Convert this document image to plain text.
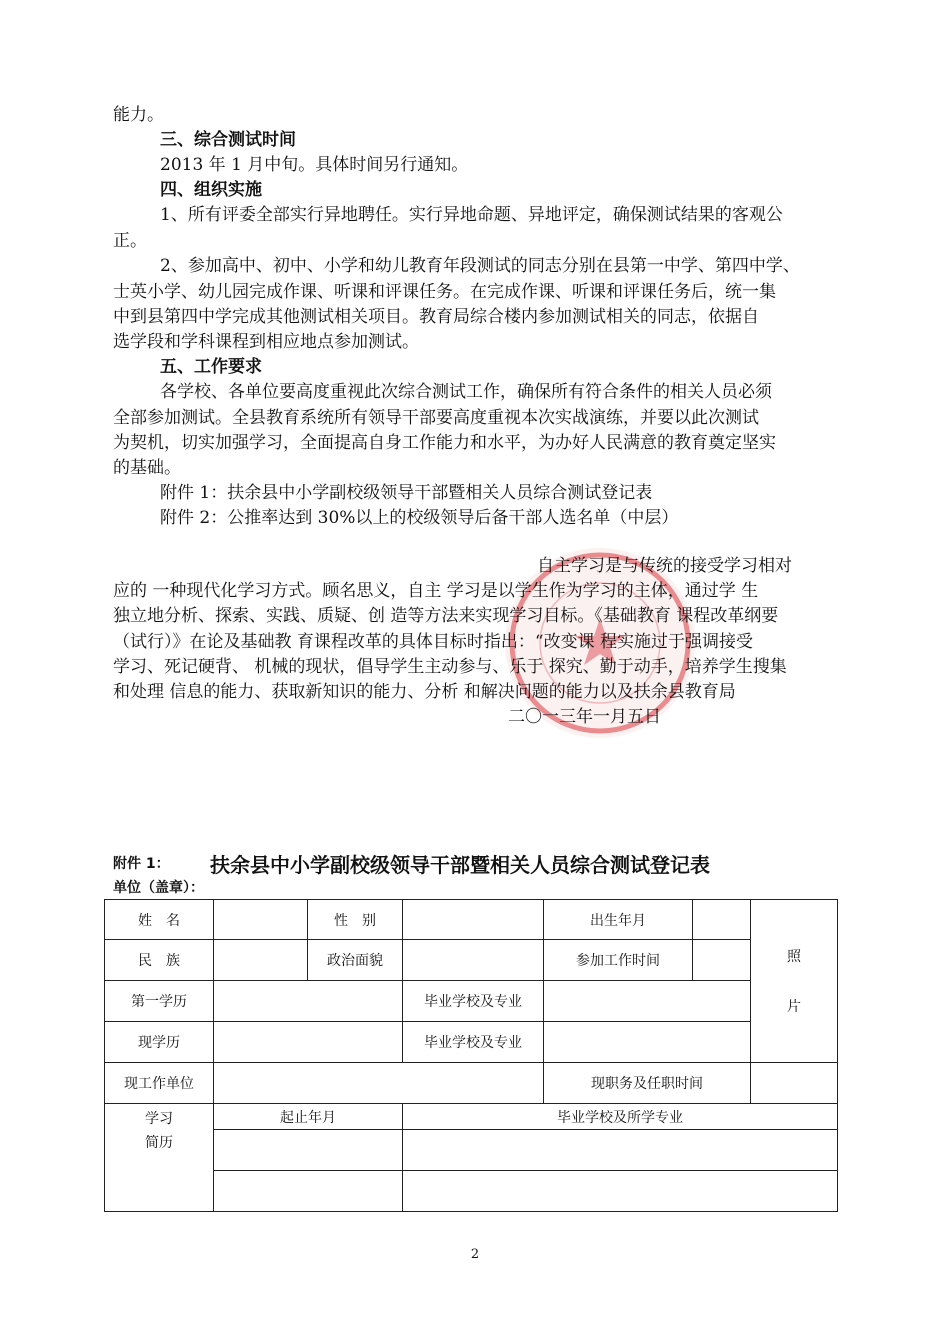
能力。
三、综合测试时间
2013 年 1 月中旬。具体时间另行通知。
四、组织实施
1、所有评委全部实行异地聘任。实行异地命题、异地评定，确保测试结果的客观公
正。
2、参加高中、初中、小学和幼儿教育年段测试的同志分别在县第一中学、第四中学、
士英小学、幼儿园完成作课、听课和评课任务。在完成作课、听课和评课任务后，统一集
中到县第四中学完成其他测试相关项目。教育局综合楼内参加测试相关的同志，依据自
选学段和学科课程到相应地点参加测试。
五、工作要求
各学校、各单位要高度重视此次综合测试工作，确保所有符合条件的相关人员必须
全部参加测试。全县教育系统所有领导干部要高度重视本次实战演练，并要以此次测试
为契机，切实加强学习，全面提高自身工作能力和水平，为办好人民满意的教育奠定坚实
的基础。
附件 1：扶余县中小学副校级领导干部暨相关人员综合测试登记表
附件 2：公推率达到 30%以上的校级领导后备干部人选名单（中层）
自主学习是与传统的接受学习相对
应的 一种现代化学习方式。顾名思义，自主 学习是以学生作为学习的主体，通过学 生
独立地分析、探索、实践、质疑、创 造等方法来实现学习目标。《基础教育 课程改革纲要
（试行）》在论及基础教 育课程改革的具体目标时指出：“改变课 程实施过于强调接受
学习、死记硬背、 机械的现状，倡导学生主动参与、乐于 探究、勤于动手，培养学生搜集
和处理 信息的能力、获取新知识的能力、分析 和解决问题的能力以及扶余县教育局
二〇一三年一月五日
附件 1： 扶余县中小学副校级领导干部暨相关人员综合测试登记表
单位（盖章）：
姓　名		性　别		出生年月		照
片

民　族		政治面貌		参加工作时间		
第一学历			毕业学校及专业			
现学历			毕业学校及专业			
现工作单位				现职务及任职时间		

学习
简历	起止年月		毕业学校及所学专业			

2
